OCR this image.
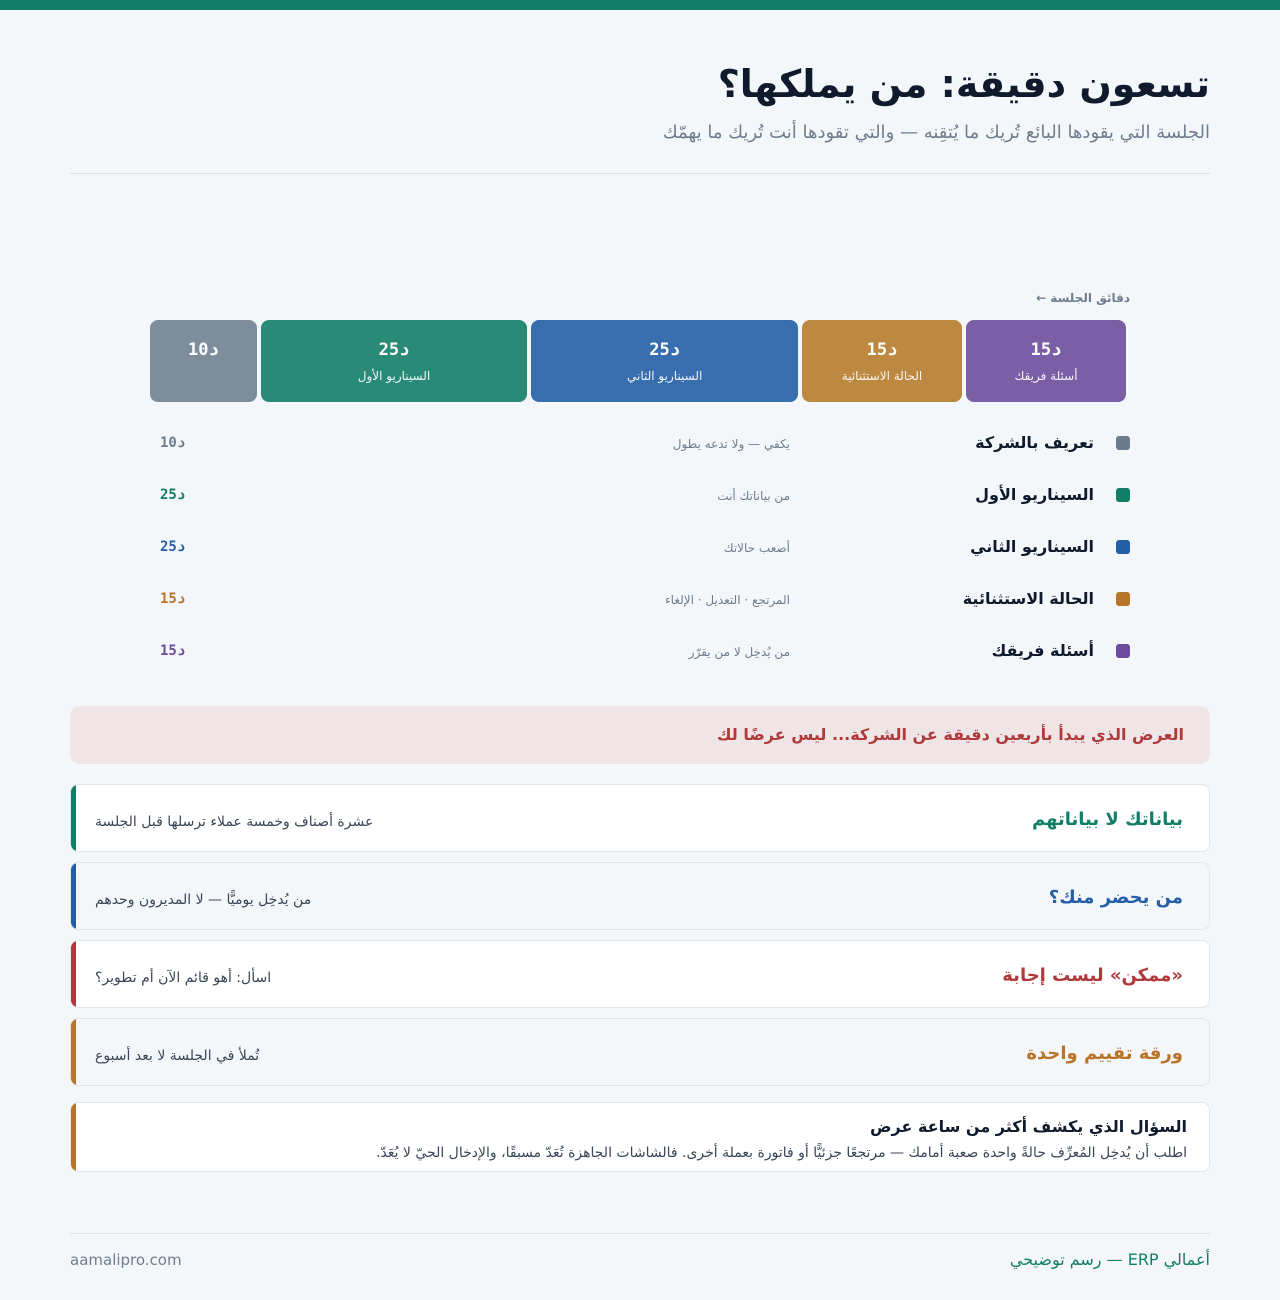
تسعون دقيقة: من يملكها؟

الجلسة التي يقودها البائع تُريك ما يُتقِنه — والتي تقودها أنت تُريك ما يهمّك

دقائق الجلسة ←
15د
أسئلة فريقك
15د
الحالة الاستثنائية
25د
السيناريو الثاني
25د
السيناريو الأول
10د
تعريف بالشركة
يكفي — ولا تدعه يطول
10د
السيناريو الأول
من بياناتك أنت
25د
السيناريو الثاني
أصعب حالاتك
25د
الحالة الاستثنائية
المرتجع · التعديل · الإلغاء
15د
أسئلة فريقك
من يُدخِل لا من يقرّر
15د
العرض الذي يبدأ بأربعين دقيقة عن الشركة... ليس عرضًا لك
بياناتك لا بياناتهم
عشرة أصناف وخمسة عملاء ترسلها قبل الجلسة
من يحضر منك؟
من يُدخِل يوميًّا — لا المديرون وحدهم
«ممكن» ليست إجابة
اسأل: أهو قائم الآن أم تطوير؟
ورقة تقييم واحدة
تُملأ في الجلسة لا بعد أسبوع
السؤال الذي يكشف أكثر من ساعة عرض
اطلب أن يُدخِل المُعرِّف حالةً واحدة صعبة أمامك — مرتجعًا جزئيًّا أو فاتورة بعملة أخرى. فالشاشات الجاهزة تُعَدّ مسبقًا، والإدخال الحيّ لا يُعَدّ.
أعمالي ERP — رسم توضيحي
aamalipro.com
